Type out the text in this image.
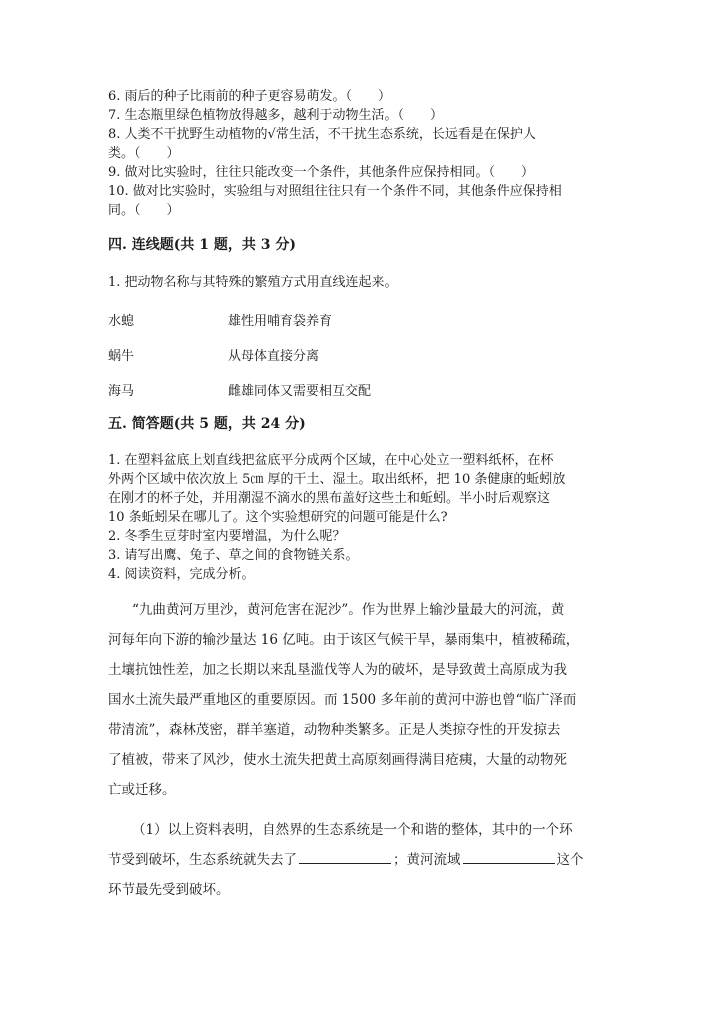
6. 雨后的种子比雨前的种子更容易萌发。（　　）
7. 生态瓶里绿色植物放得越多，越利于动物生活。（　　）
8. 人类不干扰野生动植物的√常生活，不干扰生态系统，长远看是在保护人
类。（　　）
9. 做对比实验时，往往只能改变一个条件，其他条件应保持相同。（　　）
10. 做对比实验时，实验组与对照组往往只有一个条件不同，其他条件应保持相
同。（　　）
四. 连线题(共 1 题，共 3 分)
1. 把动物名称与其特殊的繁殖方式用直线连起来。
水螅	雄性用哺育袋养育
蜗牛	从母体直接分离
海马	雌雄同体又需要相互交配
五. 简答题(共 5 题，共 24 分)
1. 在塑料盆底上划直线把盆底平分成两个区域，在中心处立一塑料纸杯，在杯
外两个区域中依次放上 5㎝ 厚的干土、湿土。取出纸杯，把 10 条健康的蚯蚓放
在刚才的杯子处，并用潮湿不滴水的黑布盖好这些土和蚯蚓。半小时后观察这
10 条蚯蚓呆在哪儿了。这个实验想研究的问题可能是什么?
2. 冬季生豆芽时室内要增温，为什么呢？
3. 请写出鹰、兔子、草之间的食物链关系。
4. 阅读资料，完成分析。
“九曲黄河万里沙，黄河危害在泥沙”。作为世界上输沙量最大的河流，黄
河每年向下游的输沙量达 16 亿吨。由于该区气候干旱，暴雨集中，植被稀疏，
土壤抗蚀性差，加之长期以来乱垦滥伐等人为的破坏，是导致黄土高原成为我
国水土流失最严重地区的重要原因。而 1500 多年前的黄河中游也曾“临广泽而
带清流”，森林茂密，群羊塞道，动物种类繁多。正是人类掠夺性的开发掠去
了植被，带来了风沙，使水土流失把黄土高原刻画得满目疮痍，大量的动物死
亡或迁移。
（1）以上资料表明，自然界的生态系统是一个和谐的整体，其中的一个环
节受到破坏，生态系统就失去了	；黄河流域	这个
环节最先受到破坏。
